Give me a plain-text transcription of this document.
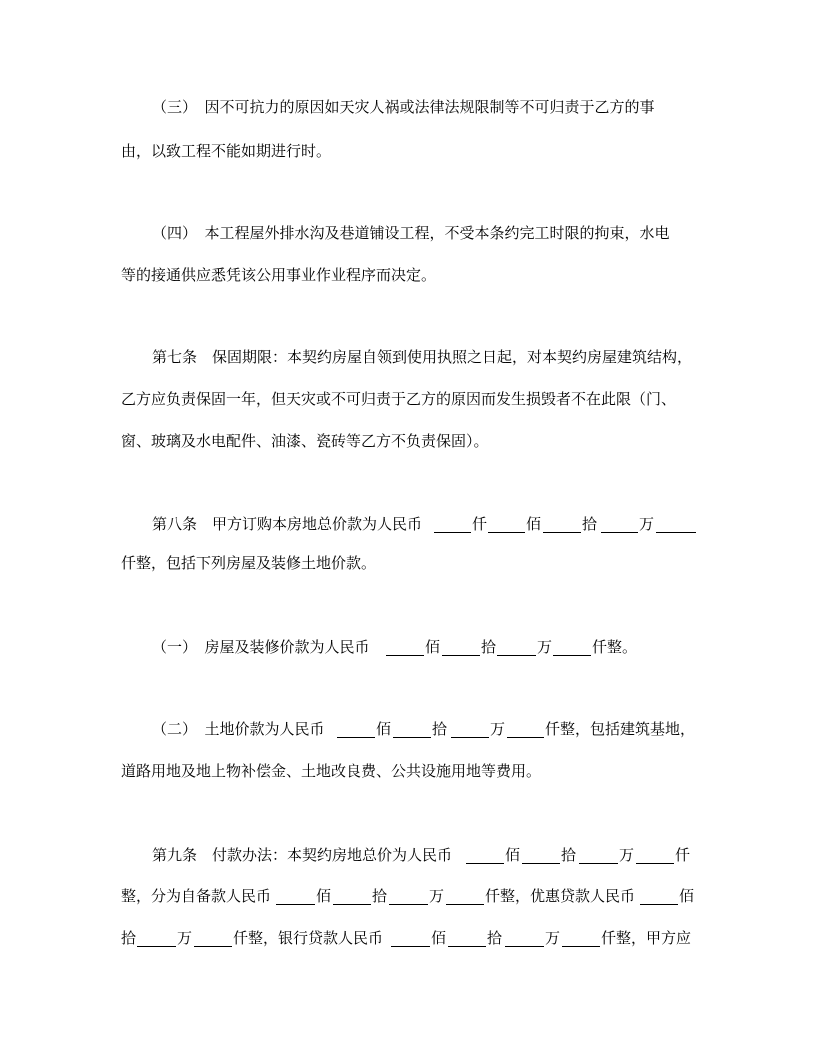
（三）　因不可抗力的原因如天灾人祸或法律法规限制等不可归责于乙方的事
由，以致工程不能如期进行时。
（四）　本工程屋外排水沟及巷道铺设工程，不受本条约完工时限的拘束，水电
等的接通供应悉凭该公用事业作业程序而决定。
第七条　保固期限：本契约房屋自领到使用执照之日起，对本契约房屋建筑结构，
乙方应负责保固一年，但天灾或不可归责于乙方的原因而发生损毁者不在此限（门、
窗、玻璃及水电配件、油漆、瓷砖等乙方不负责保固）。
第八条　甲方订购本房地总价款为人民币	仟	佰	拾	万
仟整，包括下列房屋及装修土地价款。
（一）　房屋及装修价款为人民币	佰	拾	万	仟整。
（二）　土地价款为人民币	佰	拾	万	仟整，包括建筑基地，
道路用地及地上物补偿金、土地改良费、公共设施用地等费用。
第九条　付款办法：本契约房地总价为人民币	佰	拾	万	仟
整，分为自备款人民币	佰	拾	万	仟整，优惠贷款人民币	佰
拾	万	仟整，银行贷款人民币	佰	拾	万	仟整，甲方应
